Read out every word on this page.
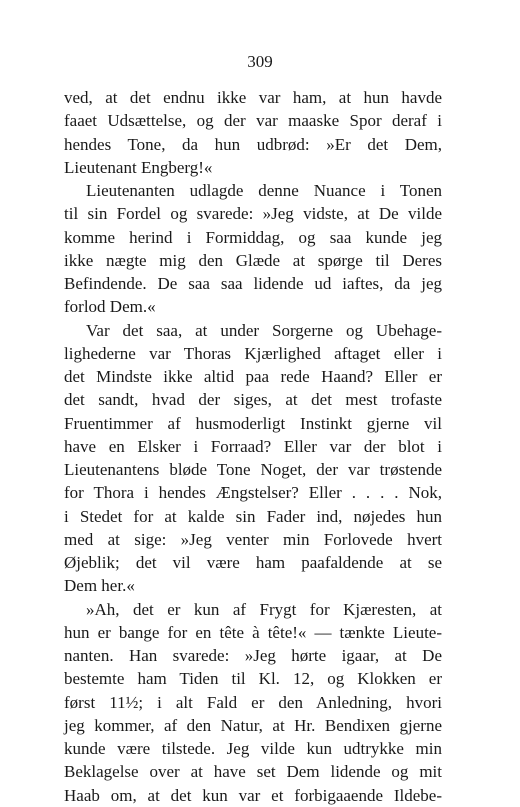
309
ved, at det endnu ikke var ham, at hun havde
faaet Udsættelse, og der var maaske Spor deraf i
hendes Tone, da hun udbrød: »Er det Dem,
Lieutenant Engberg!«
Lieutenanten udlagde denne Nuance i Tonen
til sin Fordel og svarede: »Jeg vidste, at De vilde
komme herind i Formiddag, og saa kunde jeg
ikke nægte mig den Glæde at spørge til Deres
Befindende. De saa saa lidende ud iaftes, da jeg
forlod Dem.«
Var det saa, at under Sorgerne og Ubehage-
lighederne var Thoras Kjærlighed aftaget eller i
det Mindste ikke altid paa rede Haand? Eller er
det sandt, hvad der siges, at det mest trofaste
Fruentimmer af husmoderligt Instinkt gjerne vil
have en Elsker i Forraad? Eller var der blot i
Lieutenantens bløde Tone Noget, der var trøstende
for Thora i hendes Ængstelser? Eller . . . . Nok,
i Stedet for at kalde sin Fader ind, nøjedes hun
med at sige: »Jeg venter min Forlovede hvert
Øjeblik; det vil være ham paafaldende at se
Dem her.«
»Ah, det er kun af Frygt for Kjæresten, at
hun er bange for en tête à tête!« — tænkte Lieute-
nanten. Han svarede: »Jeg hørte igaar, at De
bestemte ham Tiden til Kl. 12, og Klokken er
først 11½; i alt Fald er den Anledning, hvori
jeg kommer, af den Natur, at Hr. Bendixen gjerne
kunde være tilstede. Jeg vilde kun udtrykke min
Beklagelse over at have set Dem lidende og mit
Haab om, at det kun var et forbigaaende Ildebe-
